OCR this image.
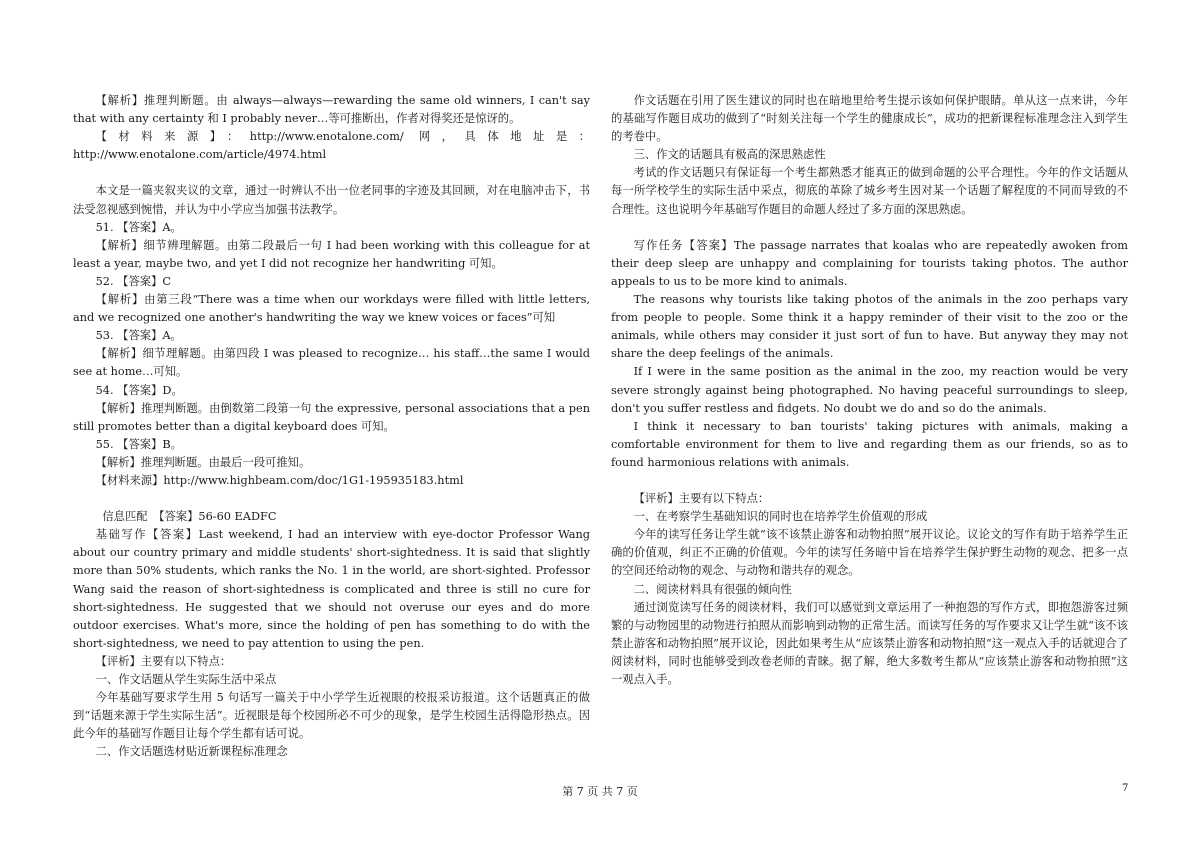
【解析】推理判断题。由 always—always—rewarding the same old winners, I can't say that with any certainty 和 I probably never…等可推断出，作者对得奖还是惊讶的。

【材料来源】：http://www.enotalone.com/ 网，具体地址是：

http://www.enotalone.com/article/4974.html

本文是一篇夹叙夹议的文章，通过一时辨认不出一位老同事的字迹及其回顾，对在电脑冲击下，书法受忽视感到惋惜，并认为中小学应当加强书法教学。

51. 【答案】A。

【解析】细节辨理解题。由第二段最后一句 I had been working with this colleague for at least a year, maybe two, and yet I did not recognize her handwriting 可知。

52. 【答案】C

【解析】由第三段“There was a time when our workdays were filled with little letters, and we recognized one another's handwriting the way we knew voices or faces”可知

53. 【答案】A。

【解析】细节理解题。由第四段 I was pleased to recognize… his staff…the same I would see at home…可知。

54. 【答案】D。

【解析】推理判断题。由倒数第二段第一句 the expressive, personal associations that a pen still promotes better than a digital keyboard does 可知。

55. 【答案】B。

【解析】推理判断题。由最后一段可推知。

【材料来源】http://www.highbeam.com/doc/1G1-195935183.html

信息匹配　【答案】56-60 EADFC

基础写作【答案】Last weekend, I had an interview with eye-doctor Professor Wang about our country primary and middle students' short-sightedness. It is said that slightly more than 50% students, which ranks the No. 1 in the world, are short-sighted. Professor Wang said the reason of short-sightedness is complicated and three is still no cure for short-sightedness. He suggested that we should not overuse our eyes and do more outdoor exercises. What's more, since the holding of pen has something to do with the short-sightedness, we need to pay attention to using the pen.

【评析】主要有以下特点：

一、作文话题从学生实际生活中采点

今年基础写要求学生用 5 句话写一篇关于中小学学生近视眼的校报采访报道。这个话题真正的做到“话题来源于学生实际生活”。近视眼是每个校园所必不可少的现象，是学生校园生活得隐形热点。因此今年的基础写作题目让每个学生都有话可说。

二、作文话题选材贴近新课程标准理念

作文话题在引用了医生建议的同时也在暗地里给考生提示该如何保护眼睛。单从这一点来讲，今年的基础写作题目成功的做到了“时刻关注每一个学生的健康成长”，成功的把新课程标准理念注入到学生的考卷中。

三、作文的话题具有极高的深思熟虑性

考试的作文话题只有保证每一个考生都熟悉才能真正的做到命题的公平合理性。今年的作文话题从每一所学校学生的实际生活中采点，彻底的革除了城乡考生因对某一个话题了解程度的不同而导致的不合理性。这也说明今年基础写作题目的命题人经过了多方面的深思熟虑。

写作任务【答案】The passage narrates that koalas who are repeatedly awoken from their deep sleep are unhappy and complaining for tourists taking photos. The author appeals to us to be more kind to animals.

The reasons why tourists like taking photos of the animals in the zoo perhaps vary from people to people. Some think it a happy reminder of their visit to the zoo or the animals, while others may consider it just sort of fun to have. But anyway they may not share the deep feelings of the animals.

If I were in the same position as the animal in the zoo, my reaction would be very severe strongly against being photographed. No having peaceful surroundings to sleep, don't you suffer restless and fidgets. No doubt we do and so do the animals.

I think it necessary to ban tourists' taking pictures with animals, making a comfortable environment for them to live and regarding them as our friends, so as to found harmonious relations with animals.

【评析】主要有以下特点：

一、在考察学生基础知识的同时也在培养学生价值观的形成

今年的读写任务让学生就“该不该禁止游客和动物拍照”展开议论。议论文的写作有助于培养学生正确的价值观，纠正不正确的价值观。今年的读写任务暗中旨在培养学生保护野生动物的观念、把多一点的空间还给动物的观念、与动物和谐共存的观念。

二、阅读材料具有很强的倾向性

通过浏览读写任务的阅读材料，我们可以感觉到文章运用了一种抱怨的写作方式，即抱怨游客过频繁的与动物园里的动物进行拍照从而影响到动物的正常生活。而读写任务的写作要求又让学生就“该不该禁止游客和动物拍照”展开议论，因此如果考生从“应该禁止游客和动物拍照”这一观点入手的话就迎合了阅读材料，同时也能够受到改卷老师的青睐。据了解，绝大多数考生都从“应该禁止游客和动物拍照”这一观点入手。

第 7 页 共 7 页	7
